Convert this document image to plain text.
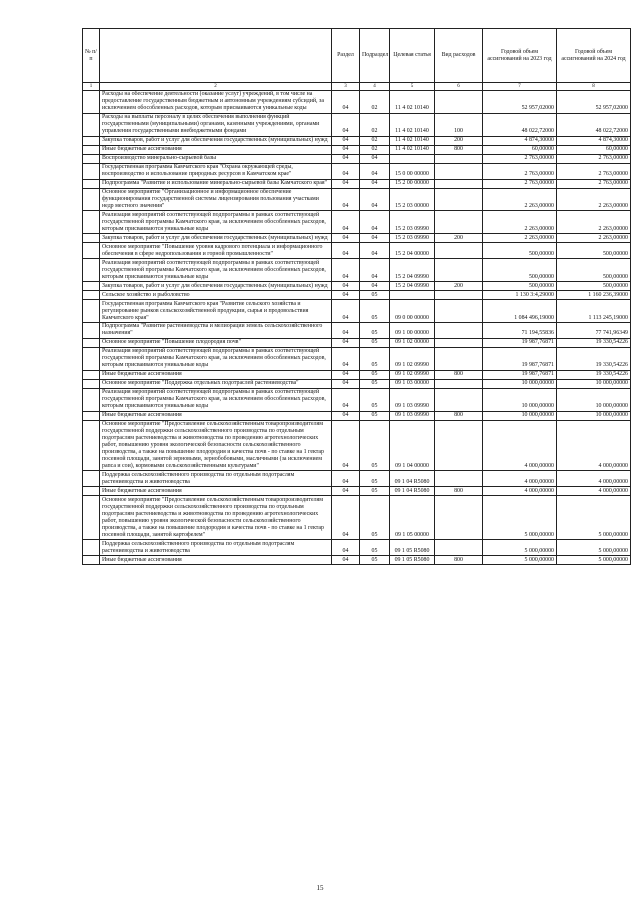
№ п/п		Раздел	Подраздел	Целевая статья	Вид расходов	Годовой объем ассигнований на 2023 год	Годовой объем ассигнований на 2024 год
1	2	3	4	5	6	7	8
	Расходы на обеспечение деятельности (оказание услуг) учреждений, в том числе на предоставление государственным бюджетным и автономным учреждениям субсидий, за исключением обособленных расходов, которым присваиваются уникальные коды	04	02	11 4 02 10140		52 957,02000	52 957,02000
	Расходы на выплаты персоналу в целях обеспечения выполнения функций государственными (муниципальными) органами, казенными учреждениями, органами управления государственными внебюджетными фондами	04	02	11 4 02 10140	100	48 022,72000	48 022,72000
	Закупка товаров, работ и услуг для обеспечения государственных (муниципальных) нужд	04	02	11 4 02 10140	200	4 874,30000	4 874,30000
	Иные бюджетные ассигнования	04	02	11 4 02 10140	800	60,00000	60,00000
	Воспроизводство минерально-сырьевой базы	04	04			2 763,00000	2 763,00000
	Государственная программа Камчатского края "Охрана окружающей среды, воспроизводство и использование природных ресурсов в Камчатском крае"	04	04	15 0 00 00000		2 763,00000	2 763,00000
	Подпрограмма "Развитие и использование минерально-сырьевой базы Камчатского края"	04	04	15 2 00 00000		2 763,00000	2 763,00000
	Основное мероприятие "Организационное и информационное обеспечение функционирования государственной системы лицензирования пользования участками недр местного значения"	04	04	15 2 03 00000		2 263,00000	2 263,00000
	Реализация мероприятий соответствующей подпрограммы в рамках соответствующей государственной программы Камчатского края, за исключением обособленных расходов, которым присваиваются уникальные коды	04	04	15 2 03 09990		2 263,00000	2 263,00000
	Закупка товаров, работ и услуг для обеспечения государственных (муниципальных) нужд	04	04	15 2 03 09990	200	2 263,00000	2 263,00000
	Основное мероприятие "Повышение уровня кадрового потенциала и информационного обеспечения в сфере недропользования и горной промышленности"	04	04	15 2 04 00000		500,00000	500,00000
	Реализация мероприятий соответствующей подпрограммы в рамках соответствующей государственной программы Камчатского края, за исключением обособленных расходов, которым присваиваются уникальные коды	04	04	15 2 04 09990		500,00000	500,00000
	Закупка товаров, работ и услуг для обеспечения государственных (муниципальных) нужд	04	04	15 2 04 09990	200	500,00000	500,00000
	Сельское хозяйство и рыболовство	04	05			1 130 3:4,29000	1 160 236,39000
	Государственная программа Камчатского края "Развитие сельского хозяйства и регулирование рынков сельскохозяйственной продукции, сырья и продовольствия Камчатского края"	04	05	09 0 00 00000		1 084 496,19000	1 113 245,19000
	Подпрограмма "Развитие растениеводства и мелиорации земель сельскохозяйственного назначения"	04	05	09 1 00 00000		71 194,55836	77 741,96349
	Основное мероприятие "Повышение плодородия почв"	04	05	09 1 02 00000		19 987,76871	19 330,54226
	Реализация мероприятий соответствующей подпрограммы в рамках соответствующей государственной программы Камчатского края, за исключением обособленных расходов, которым присваиваются уникальные коды	04	05	09 1 02 09990		19 987,76871	19 330,54226
	Иные бюджетные ассигнования	04	05	09 1 02 09990	800	19 987,76871	19 330,54226
	Основное мероприятие "Поддержка отдельных подотраслей растениеводства"	04	05	09 1 03 00000		10 000,00000	10 000,00000
	Реализация мероприятий соответствующей подпрограммы в рамках соответствующей государственной программы Камчатского края, за исключением обособленных расходов, которым присваиваются уникальные коды	04	05	09 1 03 09990		10 000,00000	10 000,00000
	Иные бюджетные ассигнования	04	05	09 1 03 09990	800	10 000,00000	10 000,00000
	Основное мероприятие "Предоставление сельскохозяйственным товаропроизводителям государственной поддержки сельскохозяйственного производства по отдельным подотраслям растениеводства и животноводства по проведению агротехнологических работ, повышению уровня экологической безопасности сельскохозяйственного производства, а также на повышение плодородия и качества почв - по ставке на 1 гектар посевной площади, занятой зерновыми, зернобобовыми, масличными (за исключением рапса и сои), кормовыми сельскохозяйственными культурами"	04	05	09 1 04 00000		4 000,00000	4 000,00000
	Поддержка сельскохозяйственного производства по отдельным подотраслям растениеводства и животноводства	04	05	09 1 04 R5080		4 000,00000	4 000,00000
	Иные бюджетные ассигнования	04	05	09 1 04 R5080	800	4 000,00000	4 000,00000
	Основное мероприятие "Предоставление сельскохозяйственным товаропроизводителям государственной поддержки сельскохозяйственного производства по отдельным подотраслям растениеводства и животноводства по проведению агротехнологических работ, повышению уровня экологической безопасности сельскохозяйственного производства, а также на повышение плодородия и качества почв - по ставке на 1 гектар посевной площади, занятой картофелем"	04	05	09 1 05 00000		5 000,00000	5 000,00000
	Поддержка сельскохозяйственного производства по отдельным подотраслям растениеводства и животноводства	04	05	09 1 05 R5080		5 000,00000	5 000,00000
	Иные бюджетные ассигнования	04	05	09 1 05 R5080	800	5 000,00000	5 000,00000
15
